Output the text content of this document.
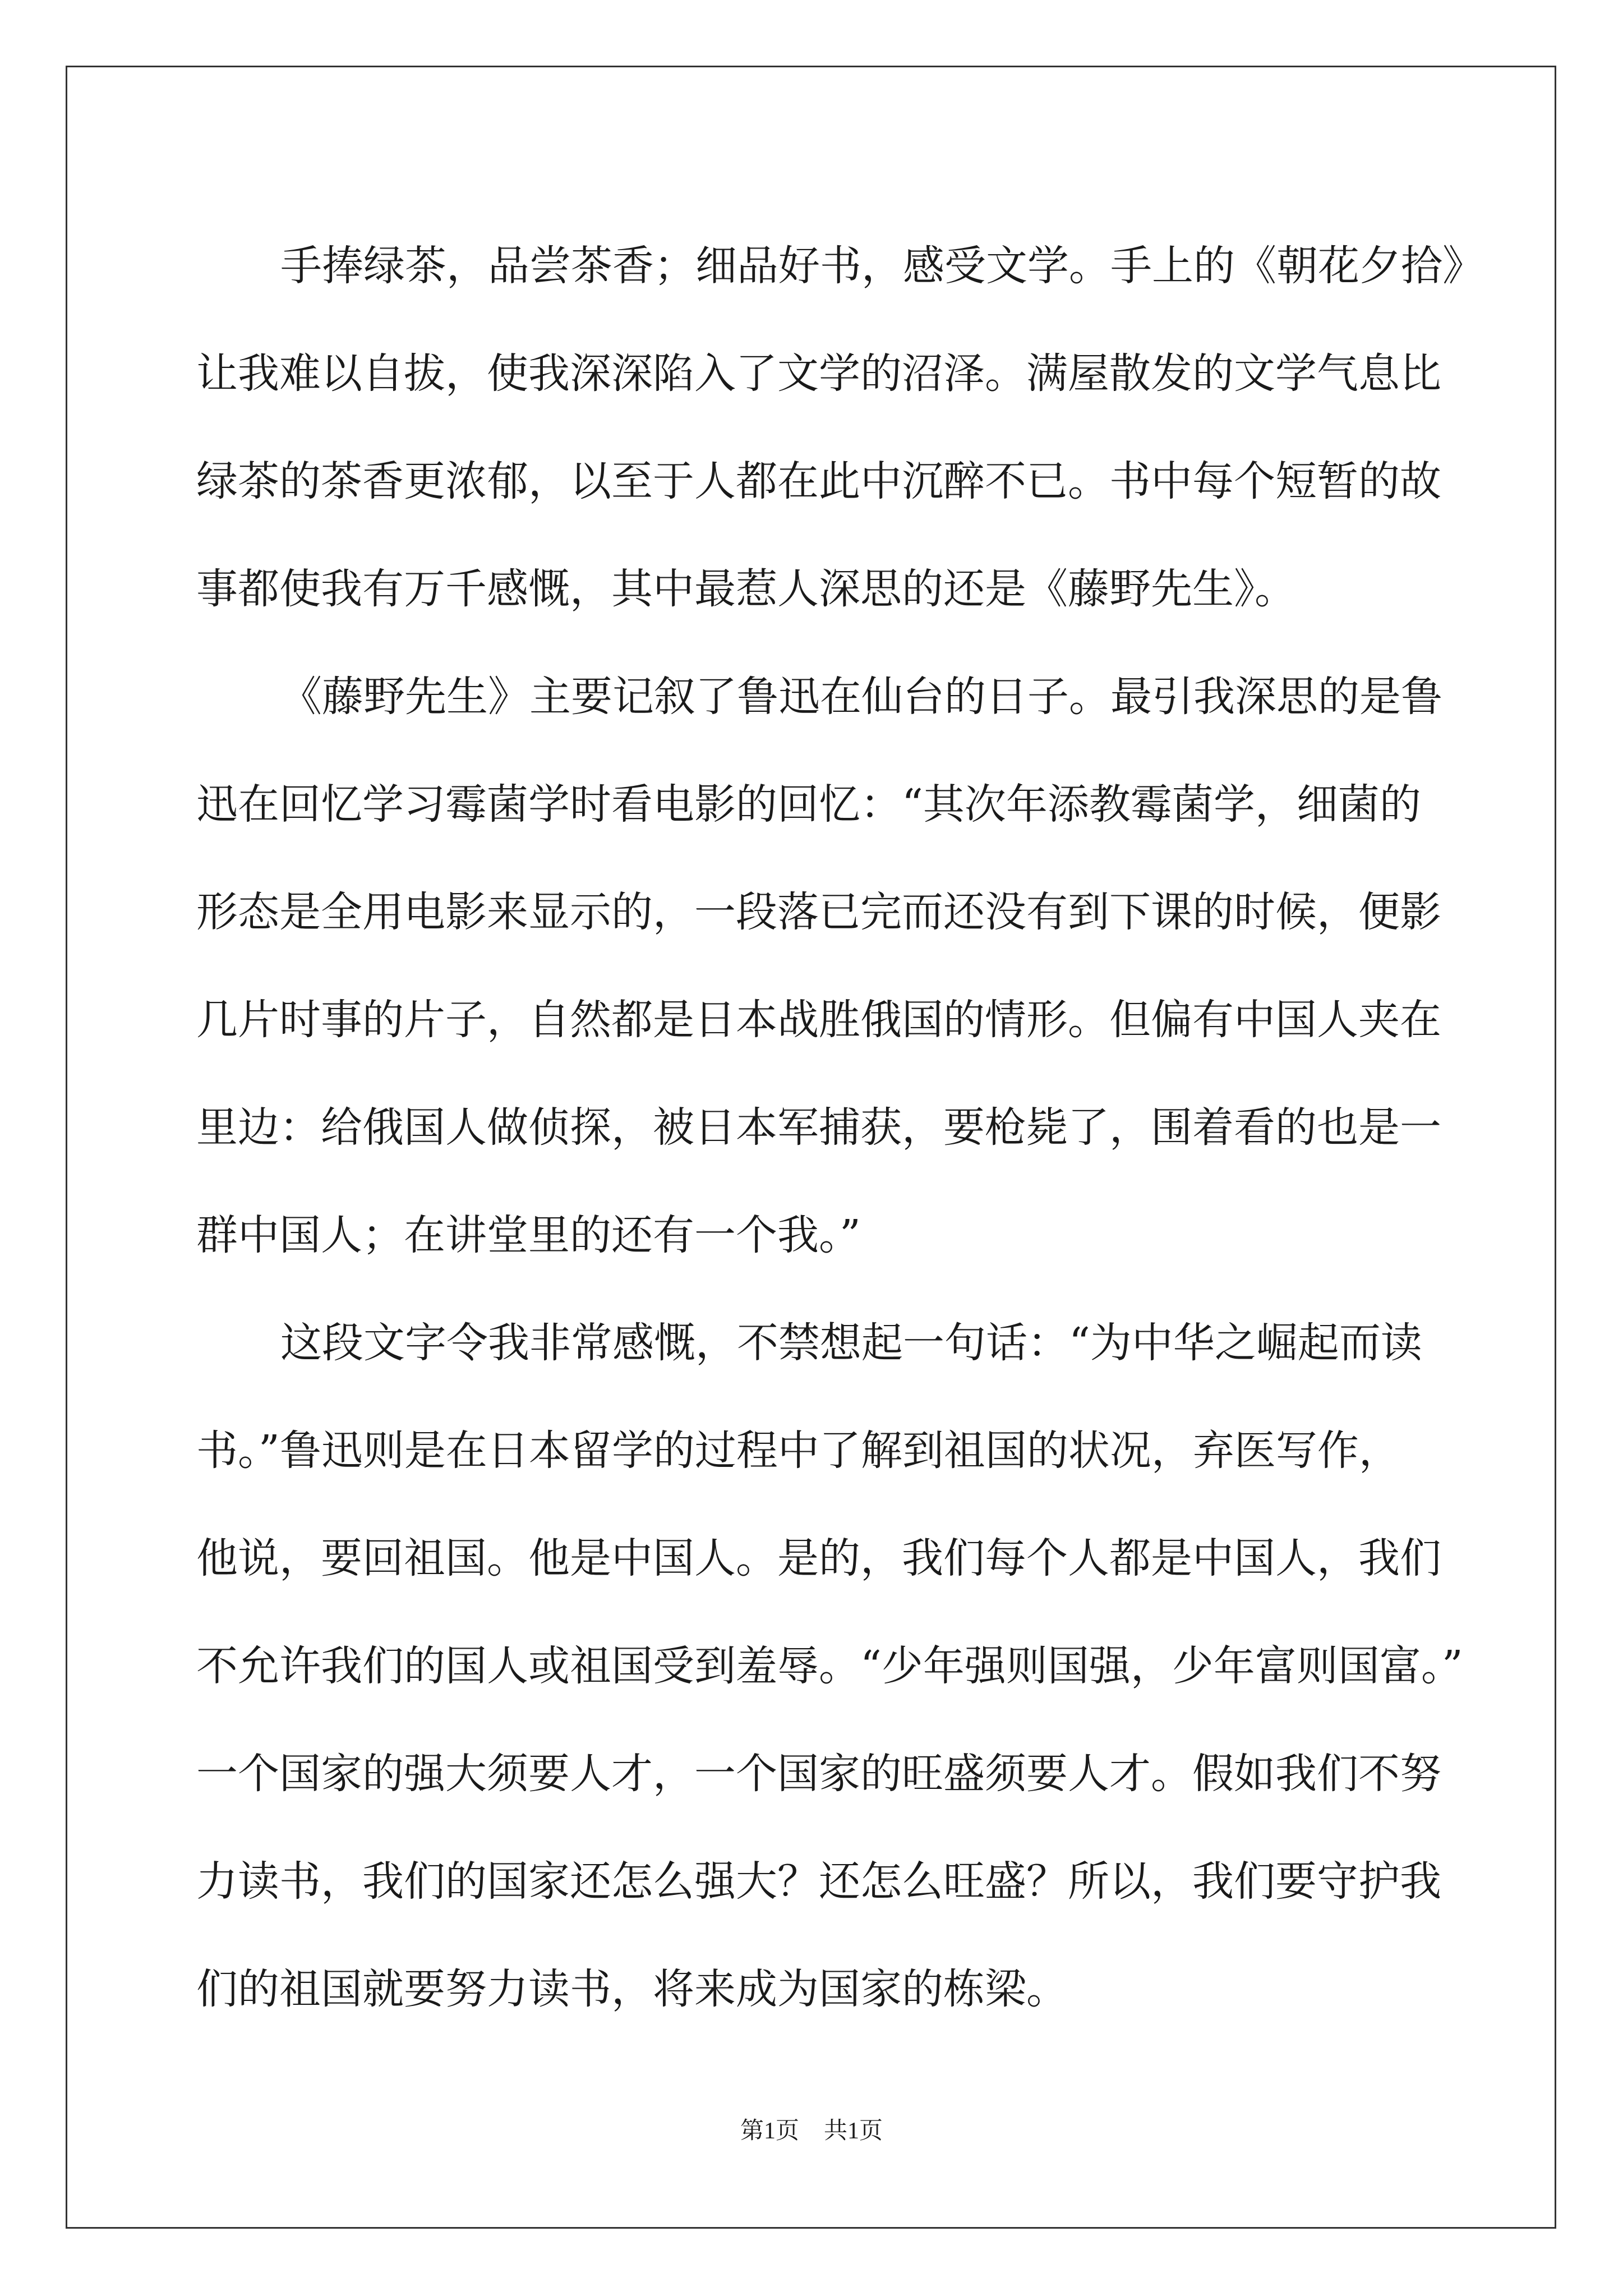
手捧绿茶，品尝茶香；细品好书，感受文学。手上的《朝花夕拾》
让我难以自拔，使我深深陷入了文学的沼泽。满屋散发的文学气息比
绿茶的茶香更浓郁，以至于人都在此中沉醉不已。书中每个短暂的故
事都使我有万千感慨，其中最惹人深思的还是《藤野先生》。
《藤野先生》主要记叙了鲁迅在仙台的日子。最引我深思的是鲁
迅在回忆学习霉菌学时看电影的回忆：“其次年添教霉菌学，细菌的
形态是全用电影来显示的，一段落已完而还没有到下课的时候，便影
几片时事的片子，自然都是日本战胜俄国的情形。但偏有中国人夹在
里边：给俄国人做侦探，被日本军捕获，要枪毙了，围着看的也是一
群中国人；在讲堂里的还有一个我。”
这段文字令我非常感慨，不禁想起一句话：“为中华之崛起而读
书。”鲁迅则是在日本留学的过程中了解到祖国的状况，弃医写作，
他说，要回祖国。他是中国人。是的，我们每个人都是中国人，我们
不允许我们的国人或祖国受到羞辱。“少年强则国强，少年富则国富。”
一个国家的强大须要人才，一个国家的旺盛须要人才。假如我们不努
力读书，我们的国家还怎么强大？还怎么旺盛？所以，我们要守护我
们的祖国就要努力读书，将来成为国家的栋梁。
第1页 共1页
